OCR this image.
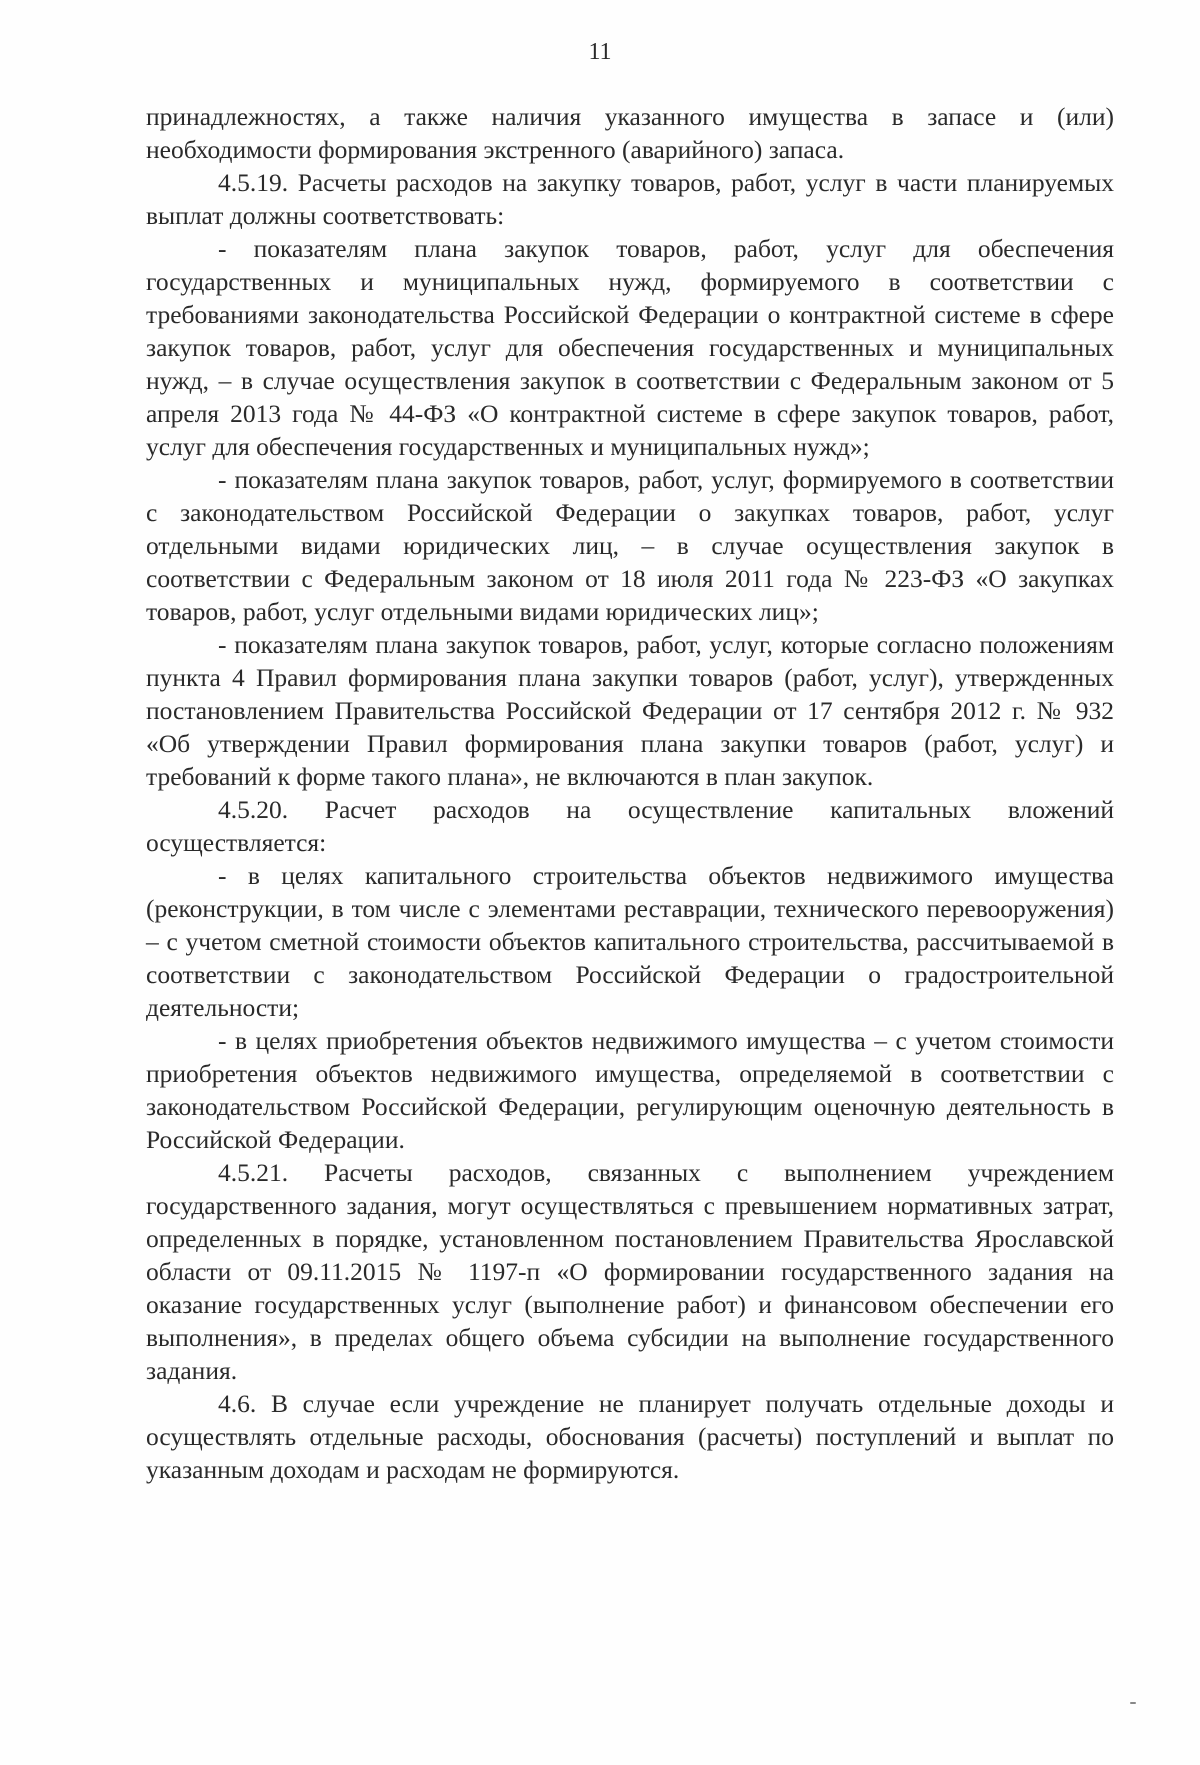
11

принадлежностях, а также наличия указанного имущества в запасе и (или) необходимости формирования экстренного (аварийного) запаса.

4.5.19. Расчеты расходов на закупку товаров, работ, услуг в части планируемых выплат должны соответствовать:

- показателям плана закупок товаров, работ, услуг для обеспечения государственных и муниципальных нужд, формируемого в соответствии с требованиями законодательства Российской Федерации о контрактной системе в сфере закупок товаров, работ, услуг для обеспечения государственных и муниципальных нужд, – в случае осуществления закупок в соответствии с Федеральным законом от 5 апреля 2013 года № 44-ФЗ «О контрактной системе в сфере закупок товаров, работ, услуг для обеспечения государственных и муниципальных нужд»;

- показателям плана закупок товаров, работ, услуг, формируемого в соответствии с законодательством Российской Федерации о закупках товаров, работ, услуг отдельными видами юридических лиц, – в случае осуществления закупок в соответствии с Федеральным законом от 18 июля 2011 года № 223-ФЗ «О закупках товаров, работ, услуг отдельными видами юридических лиц»;

- показателям плана закупок товаров, работ, услуг, которые согласно положениям пункта 4 Правил формирования плана закупки товаров (работ, услуг), утвержденных постановлением Правительства Российской Федерации от 17 сентября 2012 г. № 932 «Об утверждении Правил формирования плана закупки товаров (работ, услуг) и требований к форме такого плана», не включаются в план закупок.

4.5.20. Расчет расходов на осуществление капитальных вложений осуществляется:

- в целях капитального строительства объектов недвижимого имущества (реконструкции, в том числе с элементами реставрации, технического перевооружения) – с учетом сметной стоимости объектов капитального строительства, рассчитываемой в соответствии с законодательством Российской Федерации о градостроительной деятельности;

- в целях приобретения объектов недвижимого имущества – с учетом стоимости приобретения объектов недвижимого имущества, определяемой в соответствии с законодательством Российской Федерации, регулирующим оценочную деятельность в Российской Федерации.

4.5.21. Расчеты расходов, связанных с выполнением учреждением государственного задания, могут осуществляться с превышением нормативных затрат, определенных в порядке, установленном постановлением Правительства Ярославской области от 09.11.2015 № 1197-п «О формировании государственного задания на оказание государственных услуг (выполнение работ) и финансовом обеспечении его выполнения», в пределах общего объема субсидии на выполнение государственного задания.

4.6. В случае если учреждение не планирует получать отдельные доходы и осуществлять отдельные расходы, обоснования (расчеты) поступлений и выплат по указанным доходам и расходам не формируются.
